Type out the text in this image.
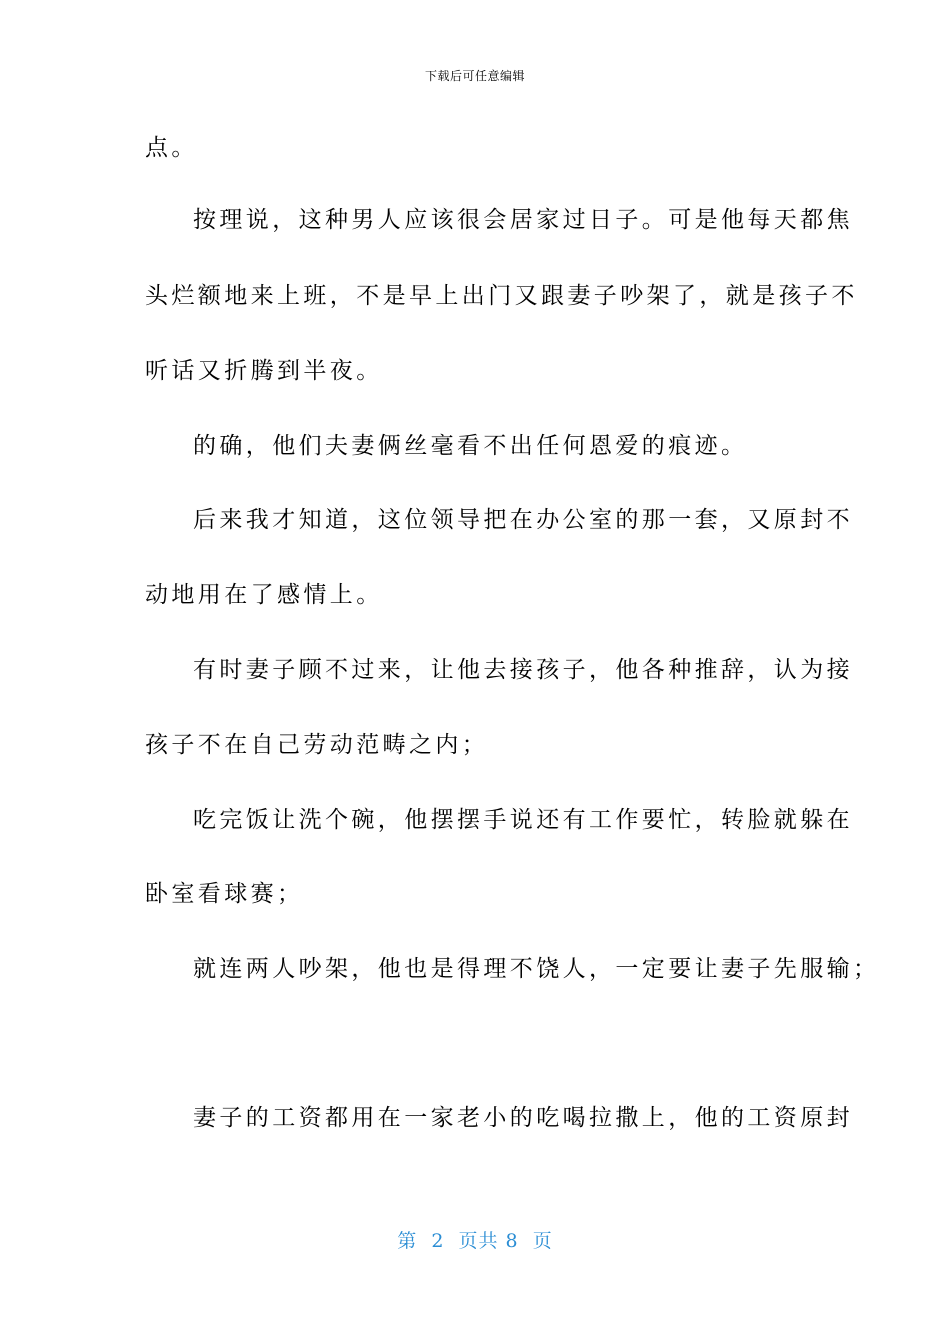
下载后可任意编辑
点。
按理说，这种男人应该很会居家过日子。可是他每天都焦
头烂额地来上班，不是早上出门又跟妻子吵架了，就是孩子不
听话又折腾到半夜。
的确，他们夫妻俩丝毫看不出任何恩爱的痕迹。
后来我才知道，这位领导把在办公室的那一套，又原封不
动地用在了感情上。
有时妻子顾不过来，让他去接孩子，他各种推辞，认为接
孩子不在自己劳动范畴之内；
吃完饭让洗个碗，他摆摆手说还有工作要忙，转脸就躲在
卧室看球赛；
就连两人吵架，他也是得理不饶人，一定要让妻子先服输；
妻子的工资都用在一家老小的吃喝拉撒上，他的工资原封
第  2  页共 8  页
